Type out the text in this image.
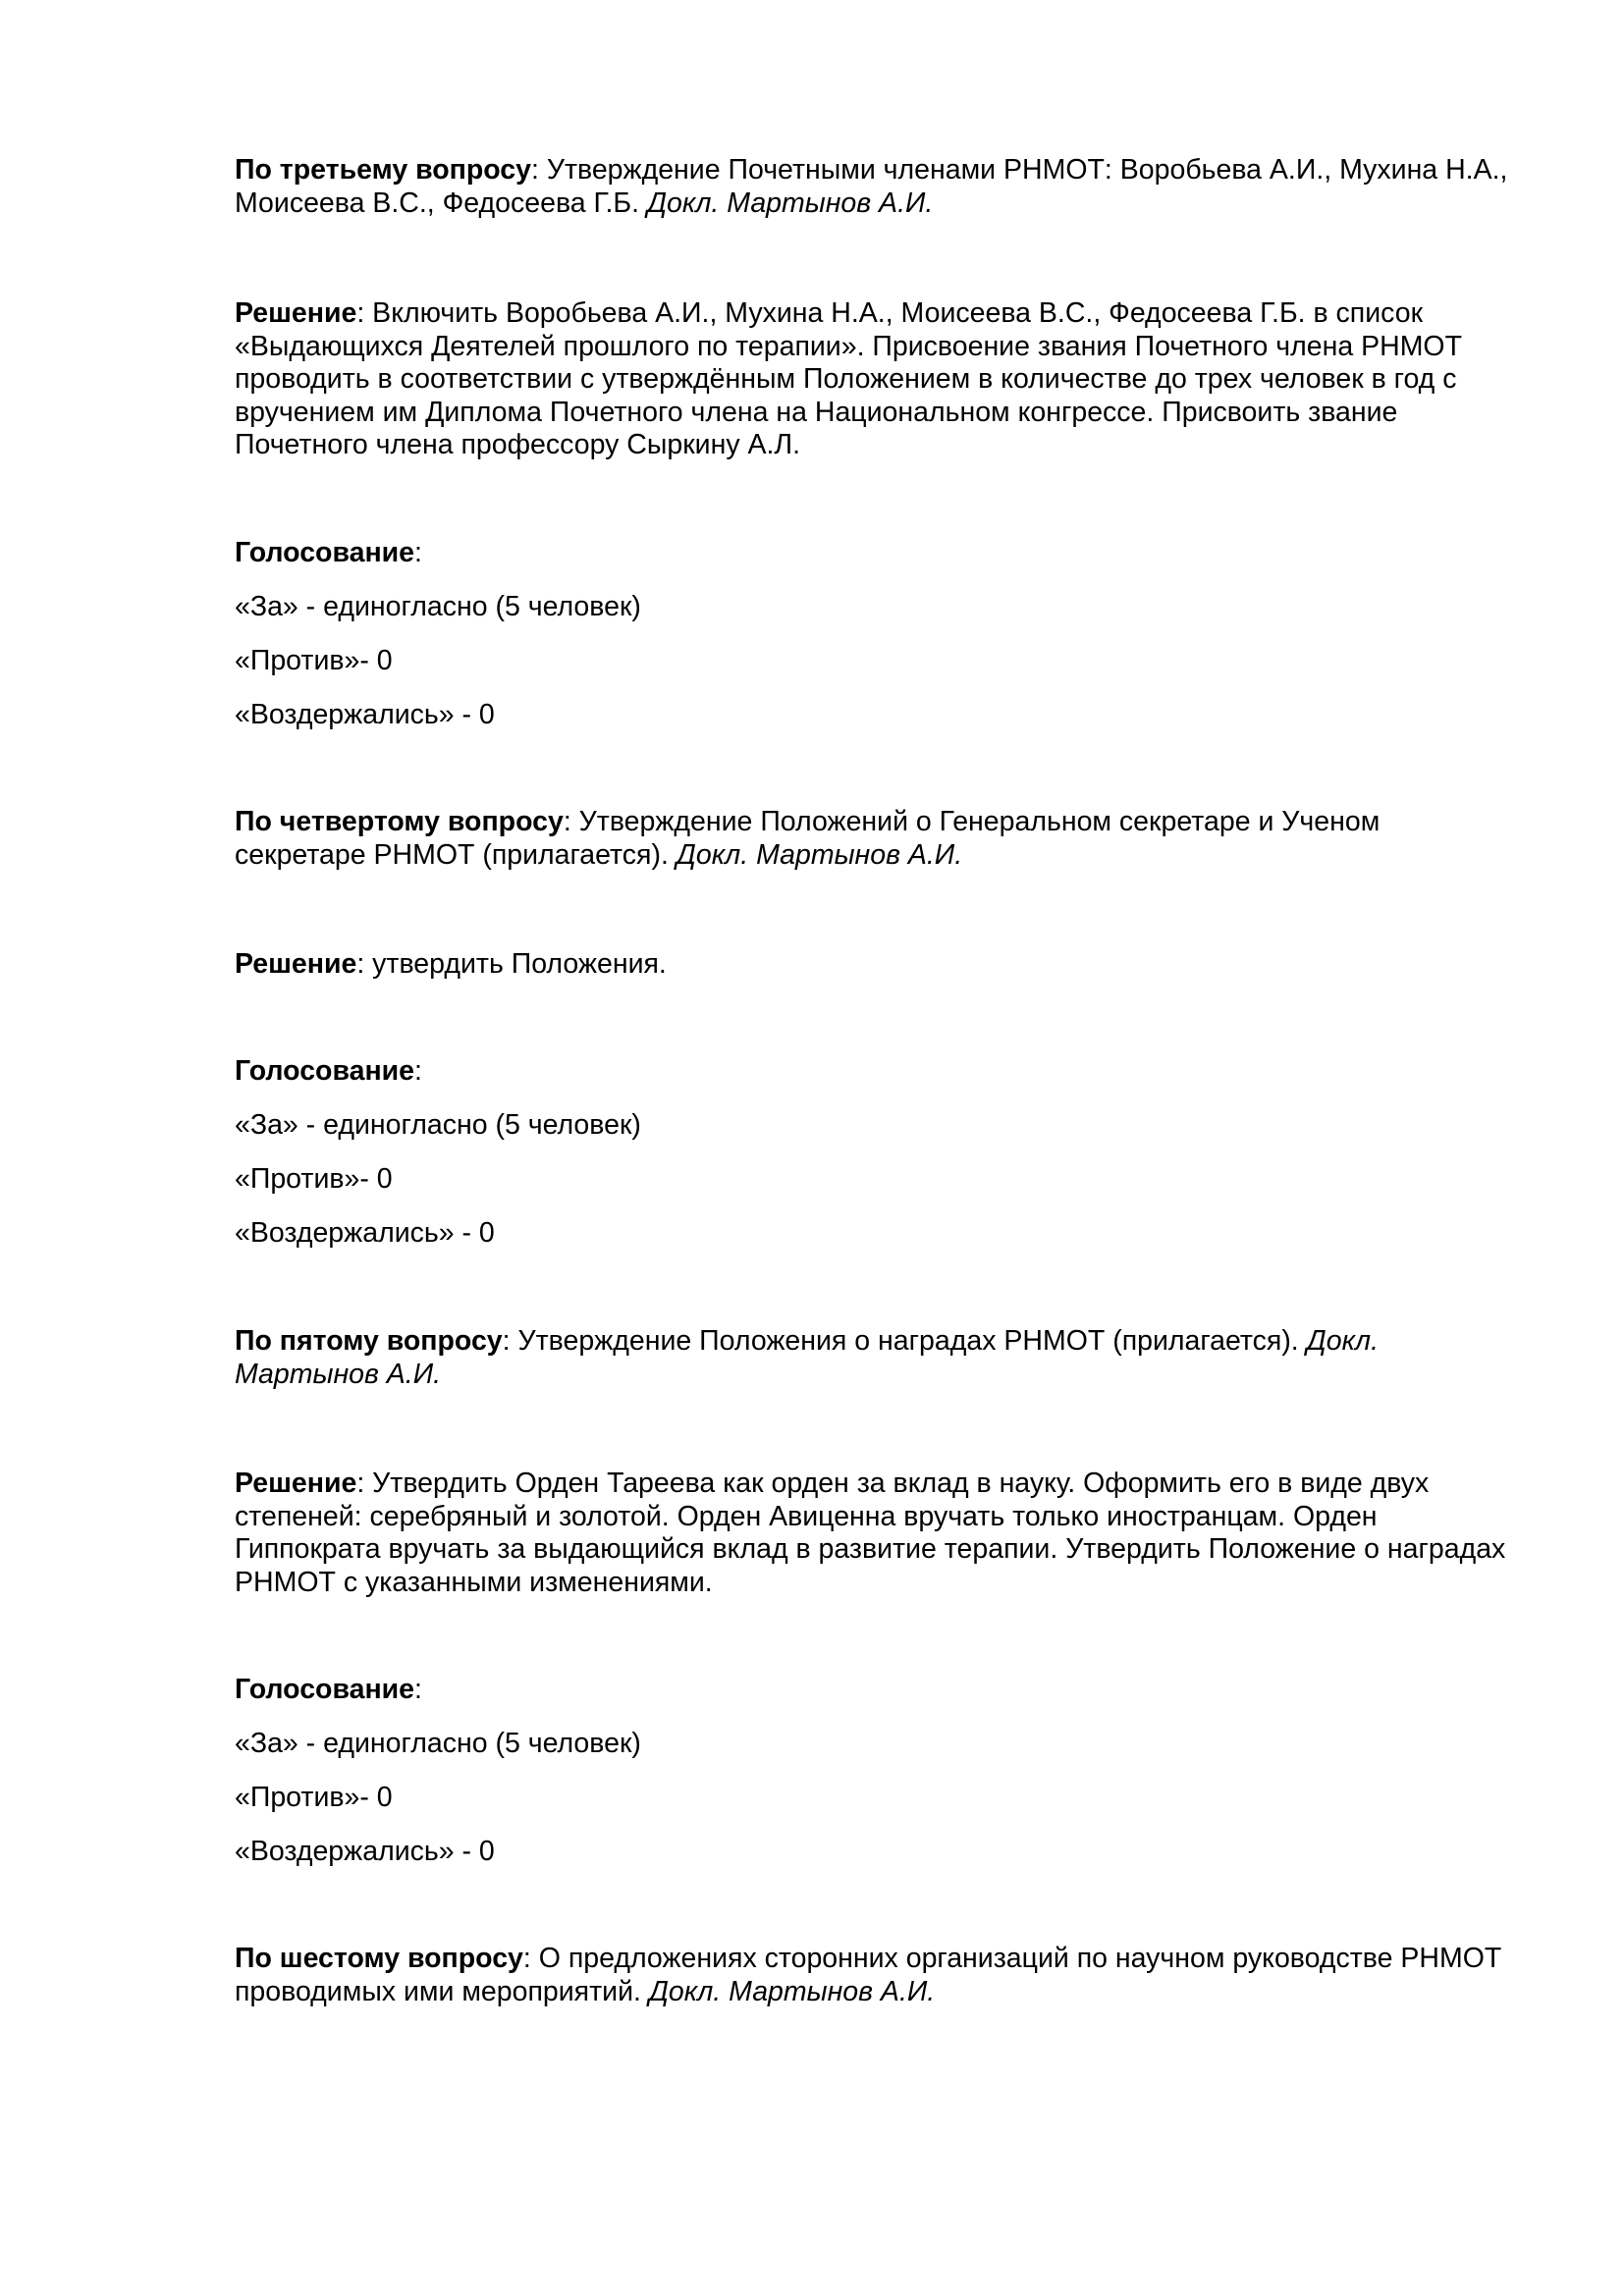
По третьему вопросу: Утверждение Почетными членами РНМОТ: Воробьева А.И., Мухина Н.А., Моисеева В.С., Федосеева Г.Б. Докл. Мартынов А.И.

Решение: Включить Воробьева А.И., Мухина Н.А., Моисеева В.С., Федосеева Г.Б. в список «Выдающихся Деятелей прошлого по терапии». Присвоение звания Почетного члена РНМОТ проводить в соответствии с утверждённым Положением в количестве до трех человек в год с вручением им Диплома Почетного члена на Национальном конгрессе. Присвоить звание Почетного члена профессору Сыркину А.Л.

Голосование:

«За» - единогласно (5 человек)

«Против»- 0

«Воздержались» - 0

По четвертому вопросу: Утверждение Положений о Генеральном секретаре и Ученом секретаре РНМОТ (прилагается). Докл. Мартынов А.И.

Решение: утвердить Положения.

Голосование:

«За» - единогласно (5 человек)

«Против»- 0

«Воздержались» - 0

По пятому вопросу: Утверждение Положения о наградах РНМОТ (прилагается). Докл. Мартынов А.И.

Решение: Утвердить Орден Тареева как орден за вклад в науку. Оформить его в виде двух степеней: серебряный и золотой. Орден Авиценна вручать только иностранцам. Орден Гиппократа вручать за выдающийся вклад в развитие терапии. Утвердить Положение о наградах РНМОТ с указанными изменениями.

Голосование:

«За» - единогласно (5 человек)

«Против»- 0

«Воздержались» - 0

По шестому вопросу: О предложениях сторонних организаций по научном руководстве РНМОТ проводимых ими мероприятий. Докл. Мартынов А.И.
